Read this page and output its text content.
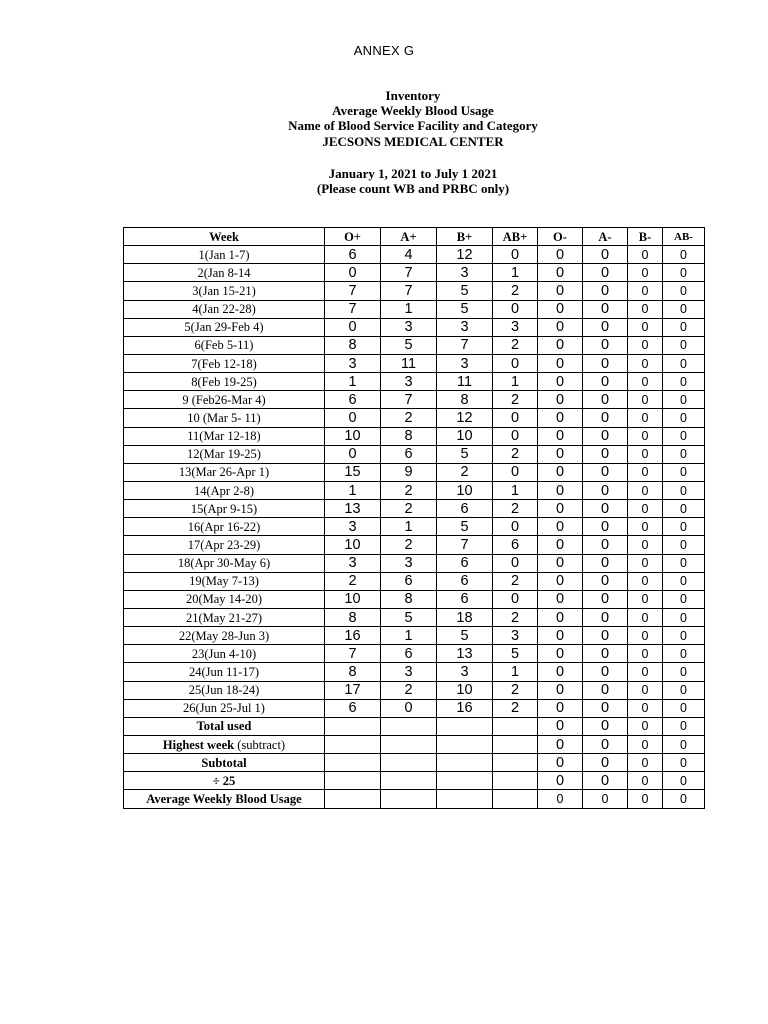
ANNEX G
Inventory
Average Weekly Blood Usage
Name of Blood Service Facility and Category
JECSONS MEDICAL CENTER
January 1, 2021 to July 1 2021
(Please count WB and PRBC only)
Week	O+	A+	B+	AB+	O-	A-	B-	AB-
1(Jan 1-7)	6	4	12	0	0	0	0	0
2(Jan 8-14	0	7	3	1	0	0	0	0
3(Jan 15-21)	7	7	5	2	0	0	0	0
4(Jan 22-28)	7	1	5	0	0	0	0	0
5(Jan 29-Feb 4)	0	3	3	3	0	0	0	0
6(Feb 5-11)	8	5	7	2	0	0	0	0
7(Feb 12-18)	3	11	3	0	0	0	0	0
8(Feb 19-25)	1	3	11	1	0	0	0	0
9 (Feb26-Mar 4)	6	7	8	2	0	0	0	0
10 (Mar 5- 11)	0	2	12	0	0	0	0	0
11(Mar 12-18)	10	8	10	0	0	0	0	0
12(Mar 19-25)	0	6	5	2	0	0	0	0
13(Mar 26-Apr 1)	15	9	2	0	0	0	0	0
14(Apr 2-8)	1	2	10	1	0	0	0	0
15(Apr 9-15)	13	2	6	2	0	0	0	0
16(Apr 16-22)	3	1	5	0	0	0	0	0
17(Apr 23-29)	10	2	7	6	0	0	0	0
18(Apr 30-May 6)	3	3	6	0	0	0	0	0
19(May 7-13)	2	6	6	2	0	0	0	0
20(May 14-20)	10	8	6	0	0	0	0	0
21(May 21-27)	8	5	18	2	0	0	0	0
22(May 28-Jun 3)	16	1	5	3	0	0	0	0
23(Jun 4-10)	7	6	13	5	0	0	0	0
24(Jun 11-17)	8	3	3	1	0	0	0	0
25(Jun 18-24)	17	2	10	2	0	0	0	0
26(Jun 25-Jul 1)	6	0	16	2	0	0	0	0
Total used					0	0	0	0
Highest week (subtract)					0	0	0	0
Subtotal					0	0	0	0
÷ 25					0	0	0	0
Average Weekly Blood Usage					0	0	0	0
